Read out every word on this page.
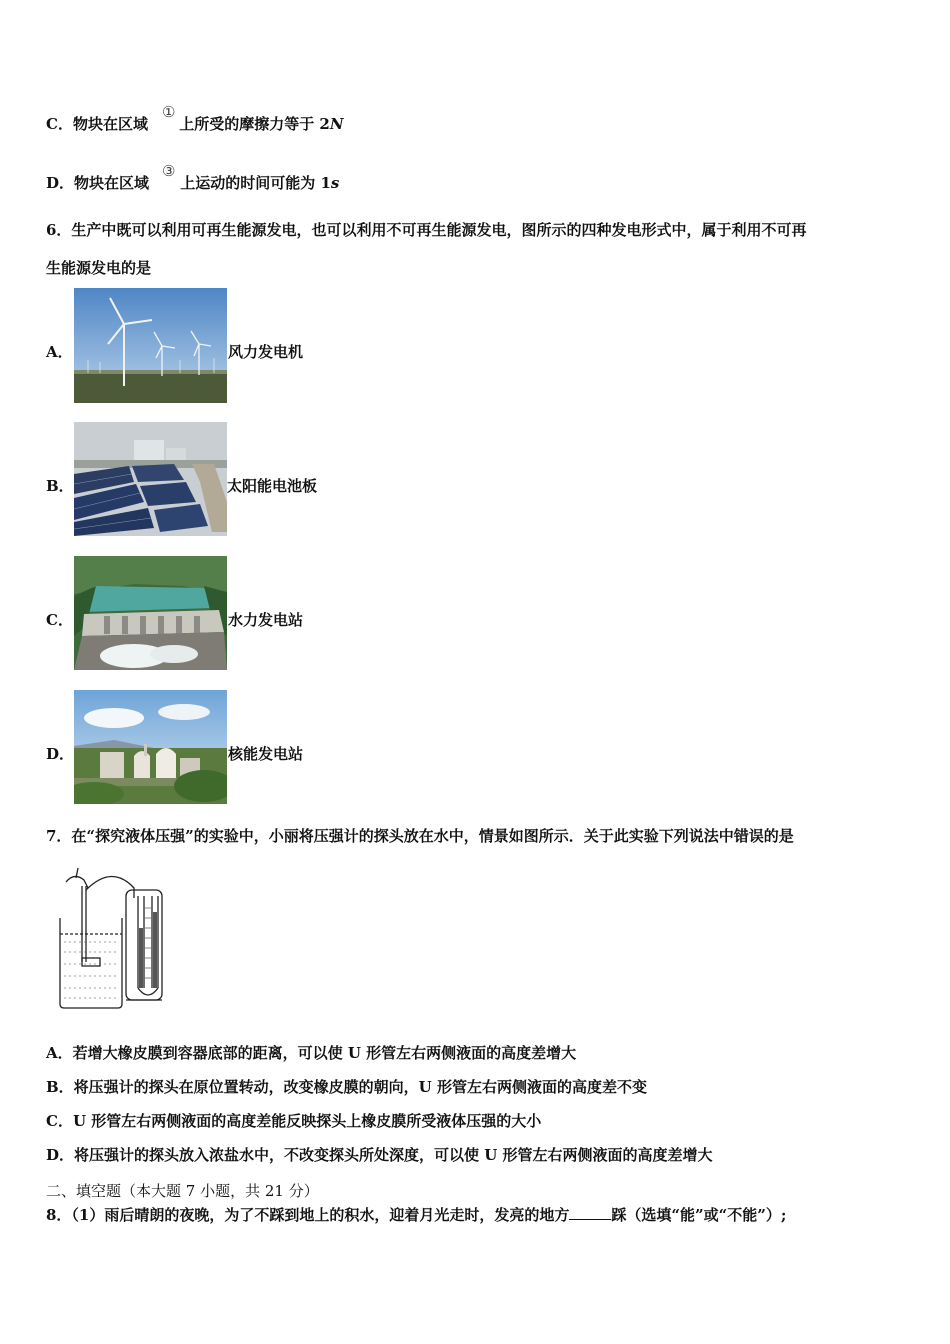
C．物块在区域
①
上所受的摩擦力等于 2N
D．物块在区域
③
上运动的时间可能为 1s
6．生产中既可以利用可再生能源发电，也可以利用不可再生能源发电，图所示的四种发电形式中，属于利用不可再
生能源发电的是
A．	风力发电机
B．	太阳能电池板
C．	水力发电站
D．	核能发电站
7．在“探究液体压强”的实验中，小丽将压强计的探头放在水中，情景如图所示．关于此实验下列说法中错误的是
A．若增大橡皮膜到容器底部的距离，可以使 U 形管左右两侧液面的高度差增大
B．将压强计的探头在原位置转动，改变橡皮膜的朝向，U 形管左右两侧液面的高度差不变
C．U 形管左右两侧液面的高度差能反映探头上橡皮膜所受液体压强的大小
D．将压强计的探头放入浓盐水中，不改变探头所处深度，可以使 U 形管左右两侧液面的高度差增大
二、填空题（本大题 7 小题，共 21 分）
8．（1）雨后晴朗的夜晚，为了不踩到地上的积水，迎着月光走时，发亮的地方	踩（选填“能”或“不能”）;
